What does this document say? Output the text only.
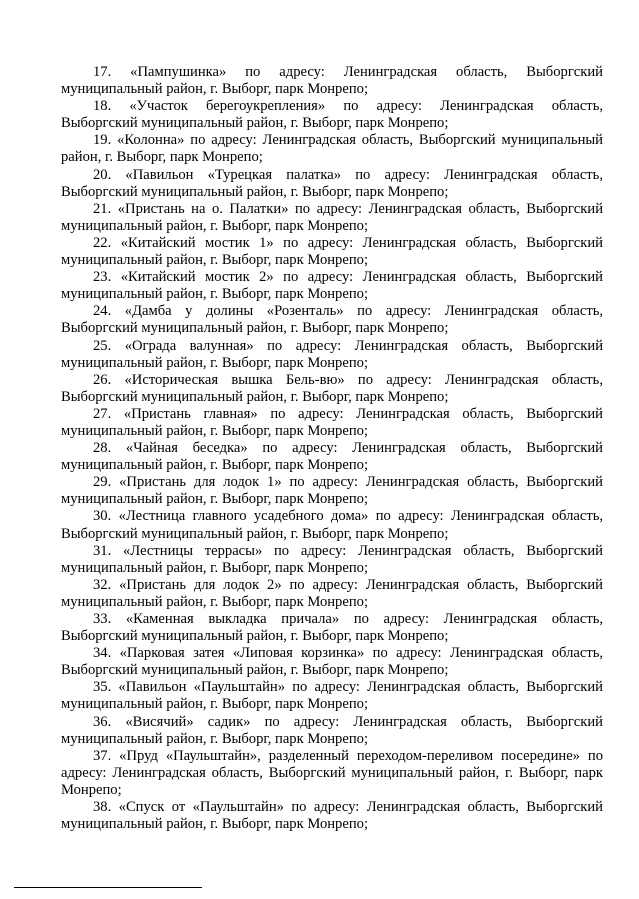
17. «Пампушинка» по адресу: Ленинградская область, Выборгский
муниципальный район, г. Выборг, парк Монрепо;
18. «Участок берегоукрепления» по адресу: Ленинградская область,
Выборгский муниципальный район, г. Выборг, парк Монрепо;
19. «Колонна» по адресу: Ленинградская область, Выборгский муниципальный
район, г. Выборг, парк Монрепо;
20. «Павильон «Турецкая палатка» по адресу: Ленинградская область,
Выборгский муниципальный район, г. Выборг, парк Монрепо;
21. «Пристань на о. Палатки» по адресу: Ленинградская область, Выборгский
муниципальный район, г. Выборг, парк Монрепо;
22. «Китайский мостик 1» по адресу: Ленинградская область, Выборгский
муниципальный район, г. Выборг, парк Монрепо;
23. «Китайский мостик 2» по адресу: Ленинградская область, Выборгский
муниципальный район, г. Выборг, парк Монрепо;
24. «Дамба у долины «Розенталь» по адресу: Ленинградская область,
Выборгский муниципальный район, г. Выборг, парк Монрепо;
25. «Ограда валунная» по адресу: Ленинградская область, Выборгский
муниципальный район, г. Выборг, парк Монрепо;
26. «Историческая вышка Бель-вю» по адресу: Ленинградская область,
Выборгский муниципальный район, г. Выборг, парк Монрепо;
27. «Пристань главная» по адресу: Ленинградская область, Выборгский
муниципальный район, г. Выборг, парк Монрепо;
28. «Чайная беседка» по адресу: Ленинградская область, Выборгский
муниципальный район, г. Выборг, парк Монрепо;
29. «Пристань для лодок 1» по адресу: Ленинградская область, Выборгский
муниципальный район, г. Выборг, парк Монрепо;
30. «Лестница главного усадебного дома» по адресу: Ленинградская область,
Выборгский муниципальный район, г. Выборг, парк Монрепо;
31. «Лестницы террасы» по адресу: Ленинградская область, Выборгский
муниципальный район, г. Выборг, парк Монрепо;
32. «Пристань для лодок 2» по адресу: Ленинградская область, Выборгский
муниципальный район, г. Выборг, парк Монрепо;
33. «Каменная выкладка причала» по адресу: Ленинградская область,
Выборгский муниципальный район, г. Выборг, парк Монрепо;
34. «Парковая затея «Липовая корзинка» по адресу: Ленинградская область,
Выборгский муниципальный район, г. Выборг, парк Монрепо;
35. «Павильон «Паульштайн» по адресу: Ленинградская область, Выборгский
муниципальный район, г. Выборг, парк Монрепо;
36. «Висячий» садик» по адресу: Ленинградская область, Выборгский
муниципальный район, г. Выборг, парк Монрепо;
37. «Пруд «Паульштайн», разделенный переходом-переливом посередине» по
адресу: Ленинградская область, Выборгский муниципальный район, г. Выборг, парк
Монрепо;
38. «Спуск от «Паульштайн» по адресу: Ленинградская область, Выборгский
муниципальный район, г. Выборг, парк Монрепо;
